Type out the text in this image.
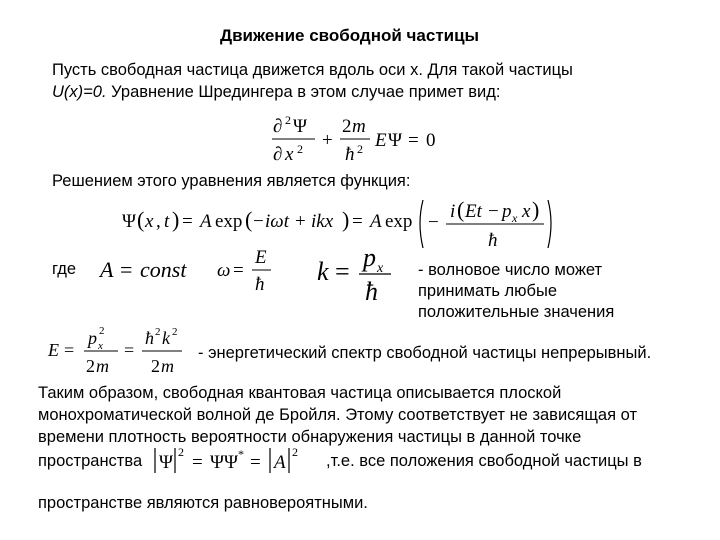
Движение свободной частицы
Пусть свободная частица движется вдоль оси х. Для такой частицы
U(x)=0. Уравнение Шредингера в этом случае примет вид:
∂ 2 Ψ
∂ x 2 +
2 m
ħ 2 E Ψ = 0
Решением этого уравнения является функция:
Ψ ( x , t ) = A exp ( − iωt + ikx ) = A exp −
i ( Et − p x x )
ħ
где A = const ω =
E
ħ k = p x
ħ
- волновое число может
принимать любые
положительные значения
E =
p x
2
2 m
=
ħ 2 k 2
2 m
- энергетический спектр свободной частицы непрерывный.
Таким образом, свободная квантовая частица описывается плоской
монохроматической волной де Бройля. Этому соответствует не зависящая от
времени плотность вероятности обнаружения частицы в данной точке
пространства Ψ 2 = ΨΨ * = A 2 ,т.е. все положения свободной частицы в
пространстве являются равновероятными.
